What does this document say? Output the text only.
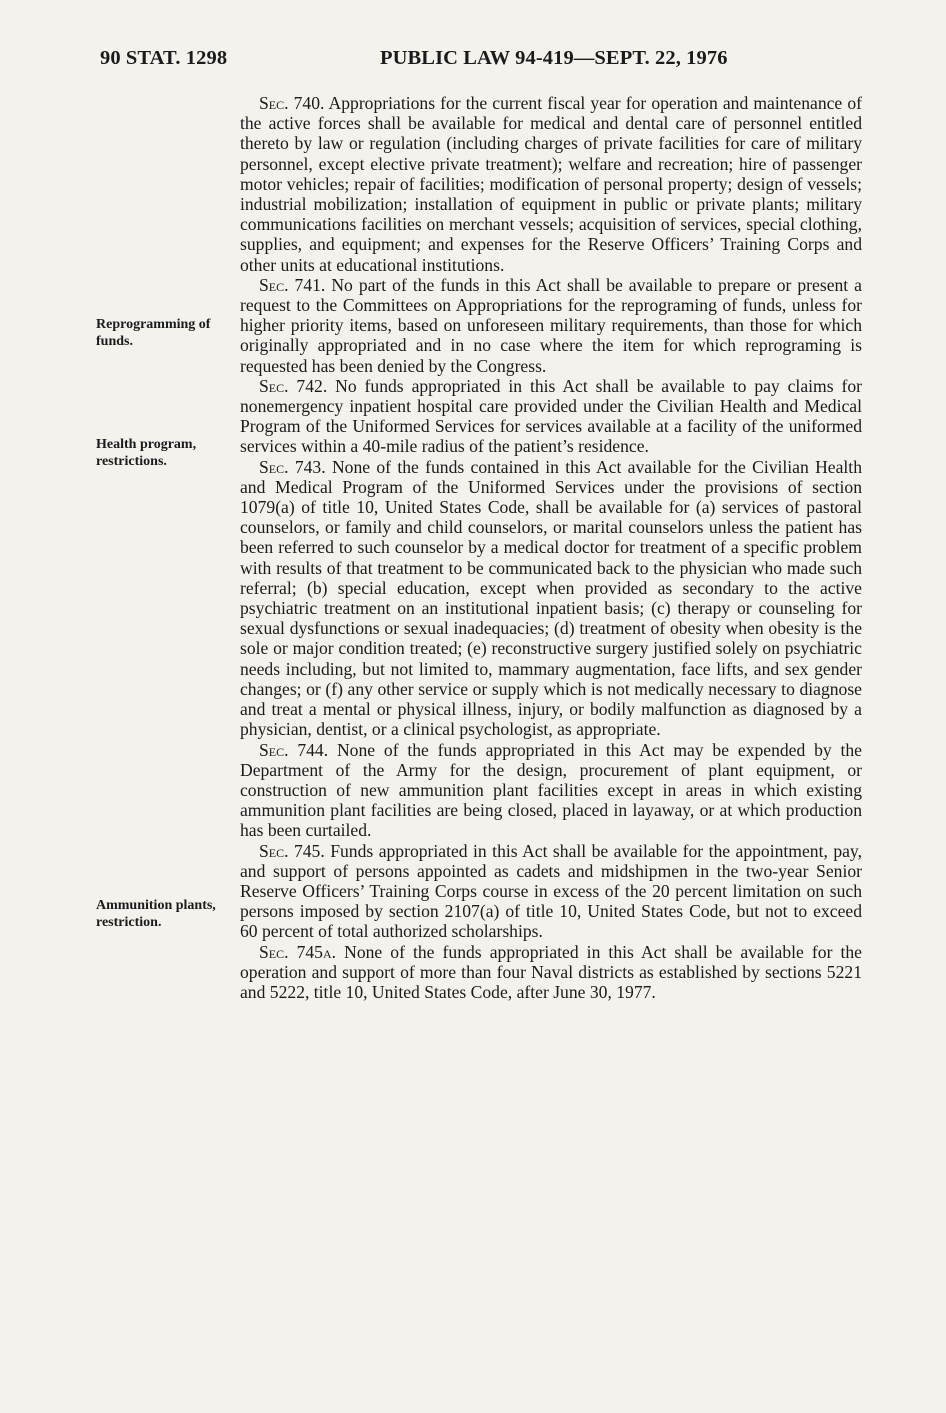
90 STAT. 1298	PUBLIC LAW 94-419—SEPT. 22, 1976

Reprogramming of funds.
Health program, restrictions.
Ammunition plants, restriction.

Sec. 740. Appropriations for the current fiscal year for operation and maintenance of the active forces shall be available for medical and dental care of personnel entitled thereto by law or regulation (including charges of private facilities for care of military personnel, except elective private treatment); welfare and recreation; hire of passenger motor vehicles; repair of facilities; modification of personal property; design of vessels; industrial mobilization; installation of equipment in public or private plants; military communications facilities on merchant vessels; acquisition of services, special clothing, supplies, and equipment; and expenses for the Reserve Officers’ Training Corps and other units at educational institutions.

Sec. 741. No part of the funds in this Act shall be available to prepare or present a request to the Committees on Appropriations for the reprograming of funds, unless for higher priority items, based on unforeseen military requirements, than those for which originally appropriated and in no case where the item for which reprograming is requested has been denied by the Congress.

Sec. 742. No funds appropriated in this Act shall be available to pay claims for nonemergency inpatient hospital care provided under the Civilian Health and Medical Program of the Uniformed Services for services available at a facility of the uniformed services within a 40-mile radius of the patient’s residence.

Sec. 743. None of the funds contained in this Act available for the Civilian Health and Medical Program of the Uniformed Services under the provisions of section 1079(a) of title 10, United States Code, shall be available for (a) services of pastoral counselors, or family and child counselors, or marital counselors unless the patient has been referred to such counselor by a medical doctor for treatment of a specific problem with results of that treatment to be communicated back to the physician who made such referral; (b) special education, except when provided as secondary to the active psychiatric treatment on an institutional inpatient basis; (c) therapy or counseling for sexual dysfunctions or sexual inadequacies; (d) treatment of obesity when obesity is the sole or major condition treated; (e) reconstructive surgery justified solely on psychiatric needs including, but not limited to, mammary augmentation, face lifts, and sex gender changes; or (f) any other service or supply which is not medically necessary to diagnose and treat a mental or physical illness, injury, or bodily malfunction as diagnosed by a physician, dentist, or a clinical psychologist, as appropriate.

Sec. 744. None of the funds appropriated in this Act may be expended by the Department of the Army for the design, procurement of plant equipment, or construction of new ammunition plant facilities except in areas in which existing ammunition plant facilities are being closed, placed in layaway, or at which production has been curtailed.

Sec. 745. Funds appropriated in this Act shall be available for the appointment, pay, and support of persons appointed as cadets and midshipmen in the two-year Senior Reserve Officers’ Training Corps course in excess of the 20 percent limitation on such persons imposed by section 2107(a) of title 10, United States Code, but not to exceed 60 percent of total authorized scholarships.

Sec. 745a. None of the funds appropriated in this Act shall be available for the operation and support of more than four Naval districts as established by sections 5221 and 5222, title 10, United States Code, after June 30, 1977.
